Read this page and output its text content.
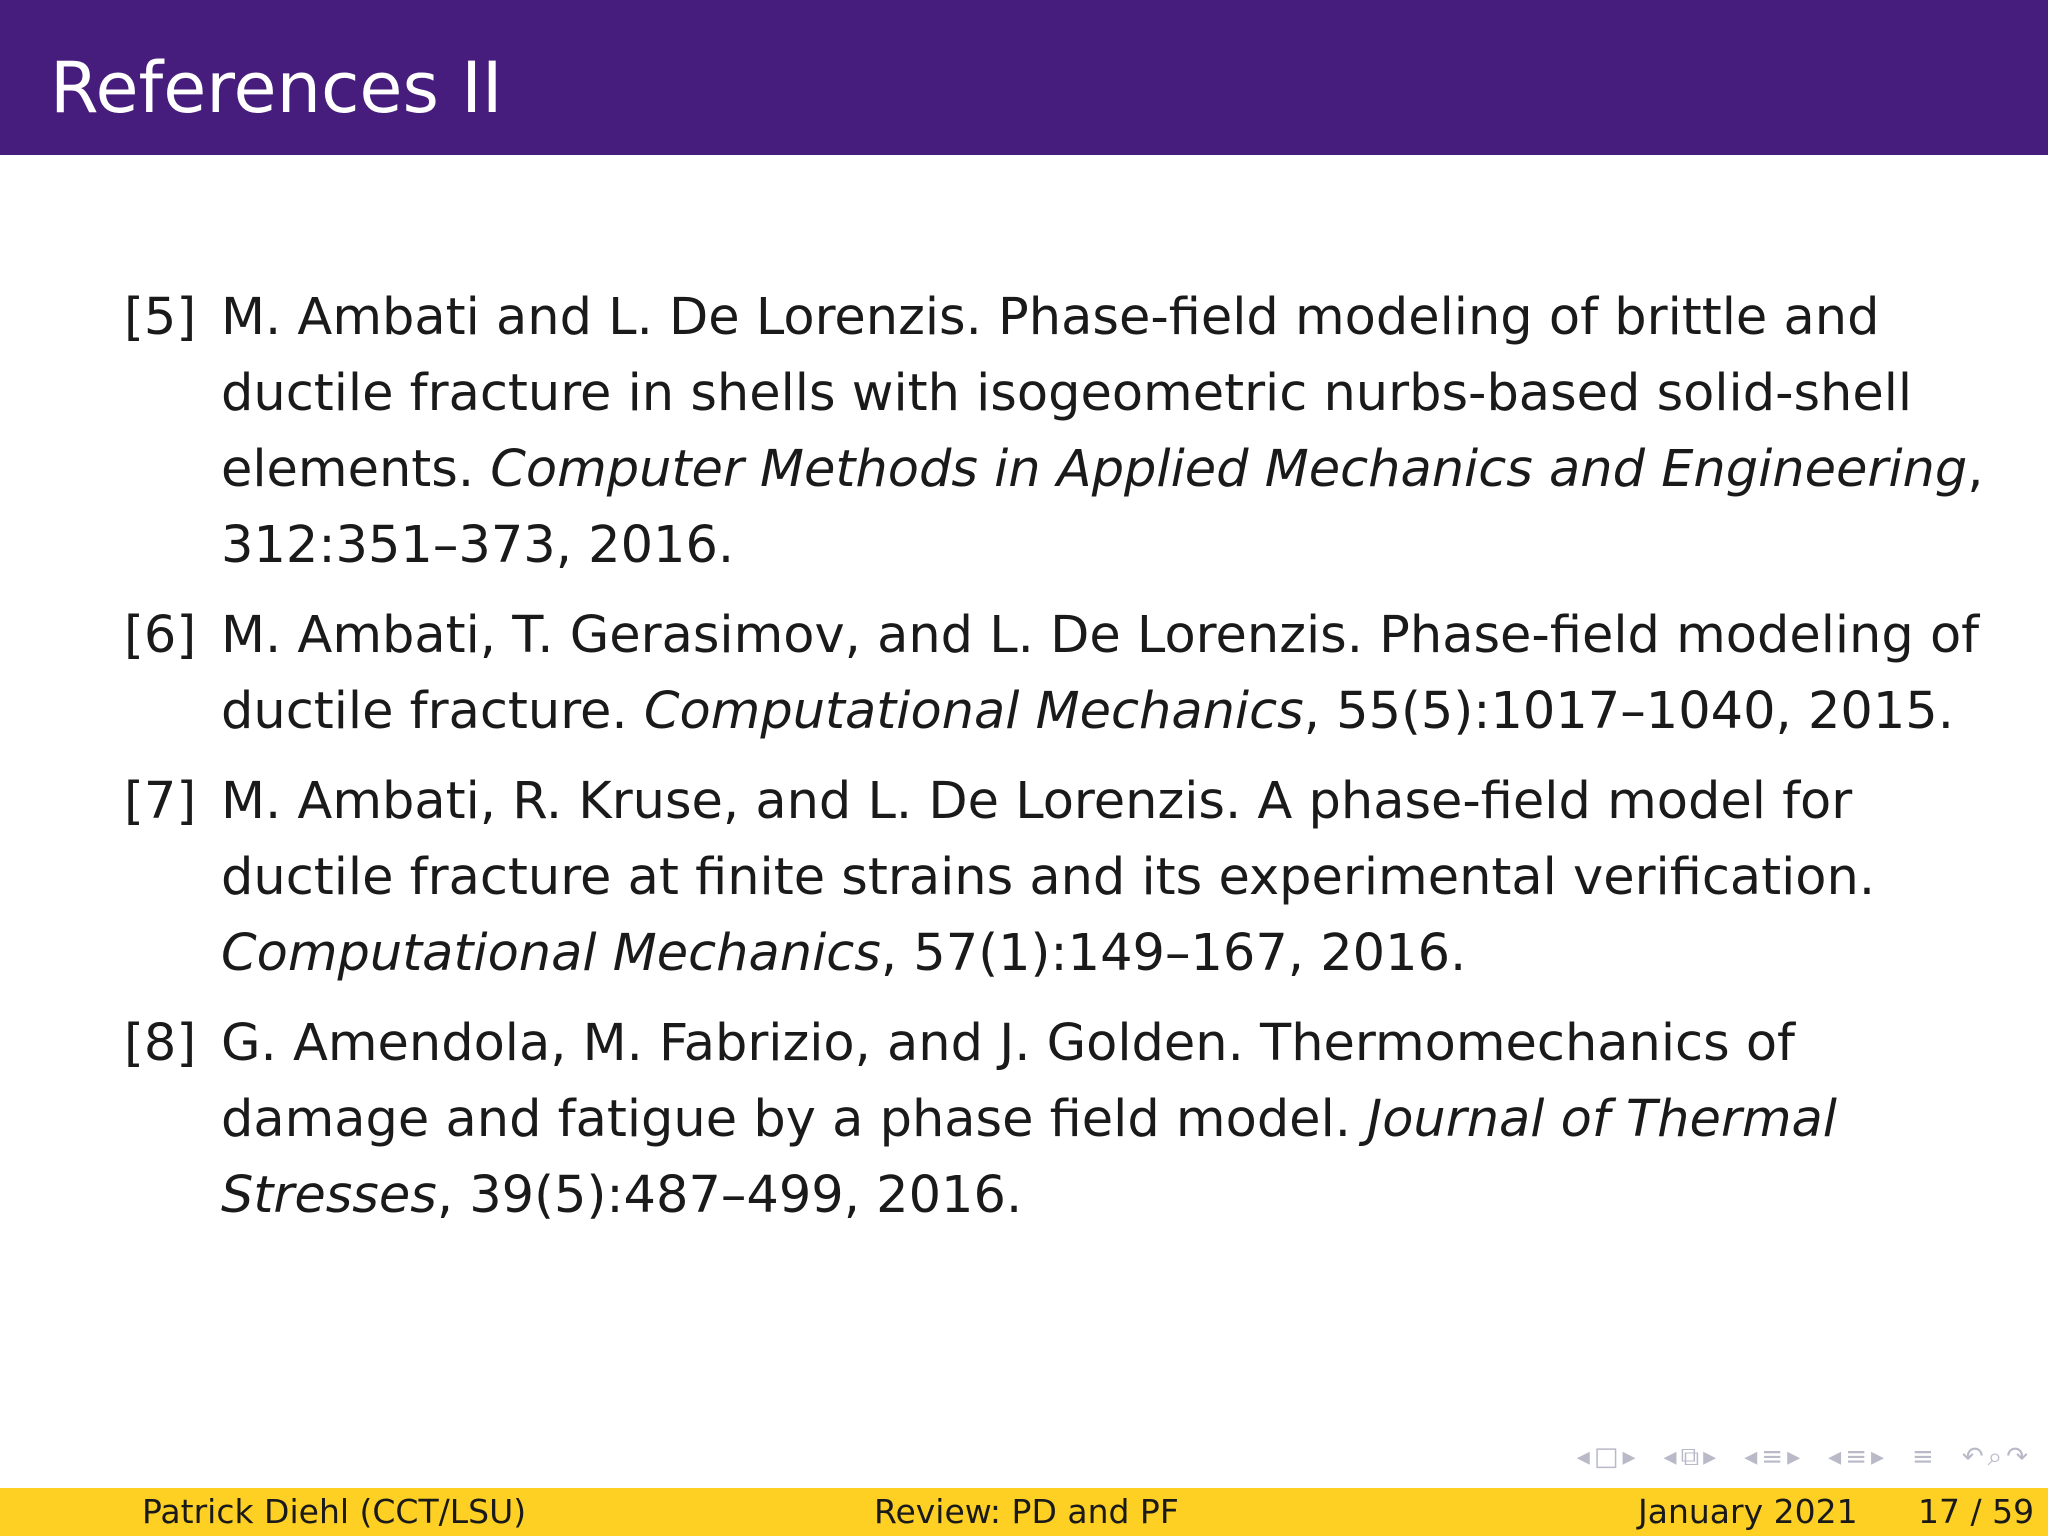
References II
[5] M. Ambati and L. De Lorenzis. Phase-field modeling of brittle and ductile fracture in shells with isogeometric nurbs-based solid-shell elements. Computer Methods in Applied Mechanics and Engineering, 312:351–373, 2016.
[6] M. Ambati, T. Gerasimov, and L. De Lorenzis. Phase-field modeling of ductile fracture. Computational Mechanics, 55(5):1017–1040, 2015.
[7] M. Ambati, R. Kruse, and L. De Lorenzis. A phase-field model for ductile fracture at finite strains and its experimental verification. Computational Mechanics, 57(1):149–167, 2016.
[8] G. Amendola, M. Fabrizio, and J. Golden. Thermomechanics of damage and fatigue by a phase field model. Journal of Thermal Stresses, 39(5):487–499, 2016.
◂ □ ▸ ◂ ⧉ ▸ ◂ ≡ ▸ ◂ ≡ ▸ ≡ ↶ ⌕ ↷
Patrick Diehl (CCT/LSU)	Review: PD and PF	January 2021 17 / 59
